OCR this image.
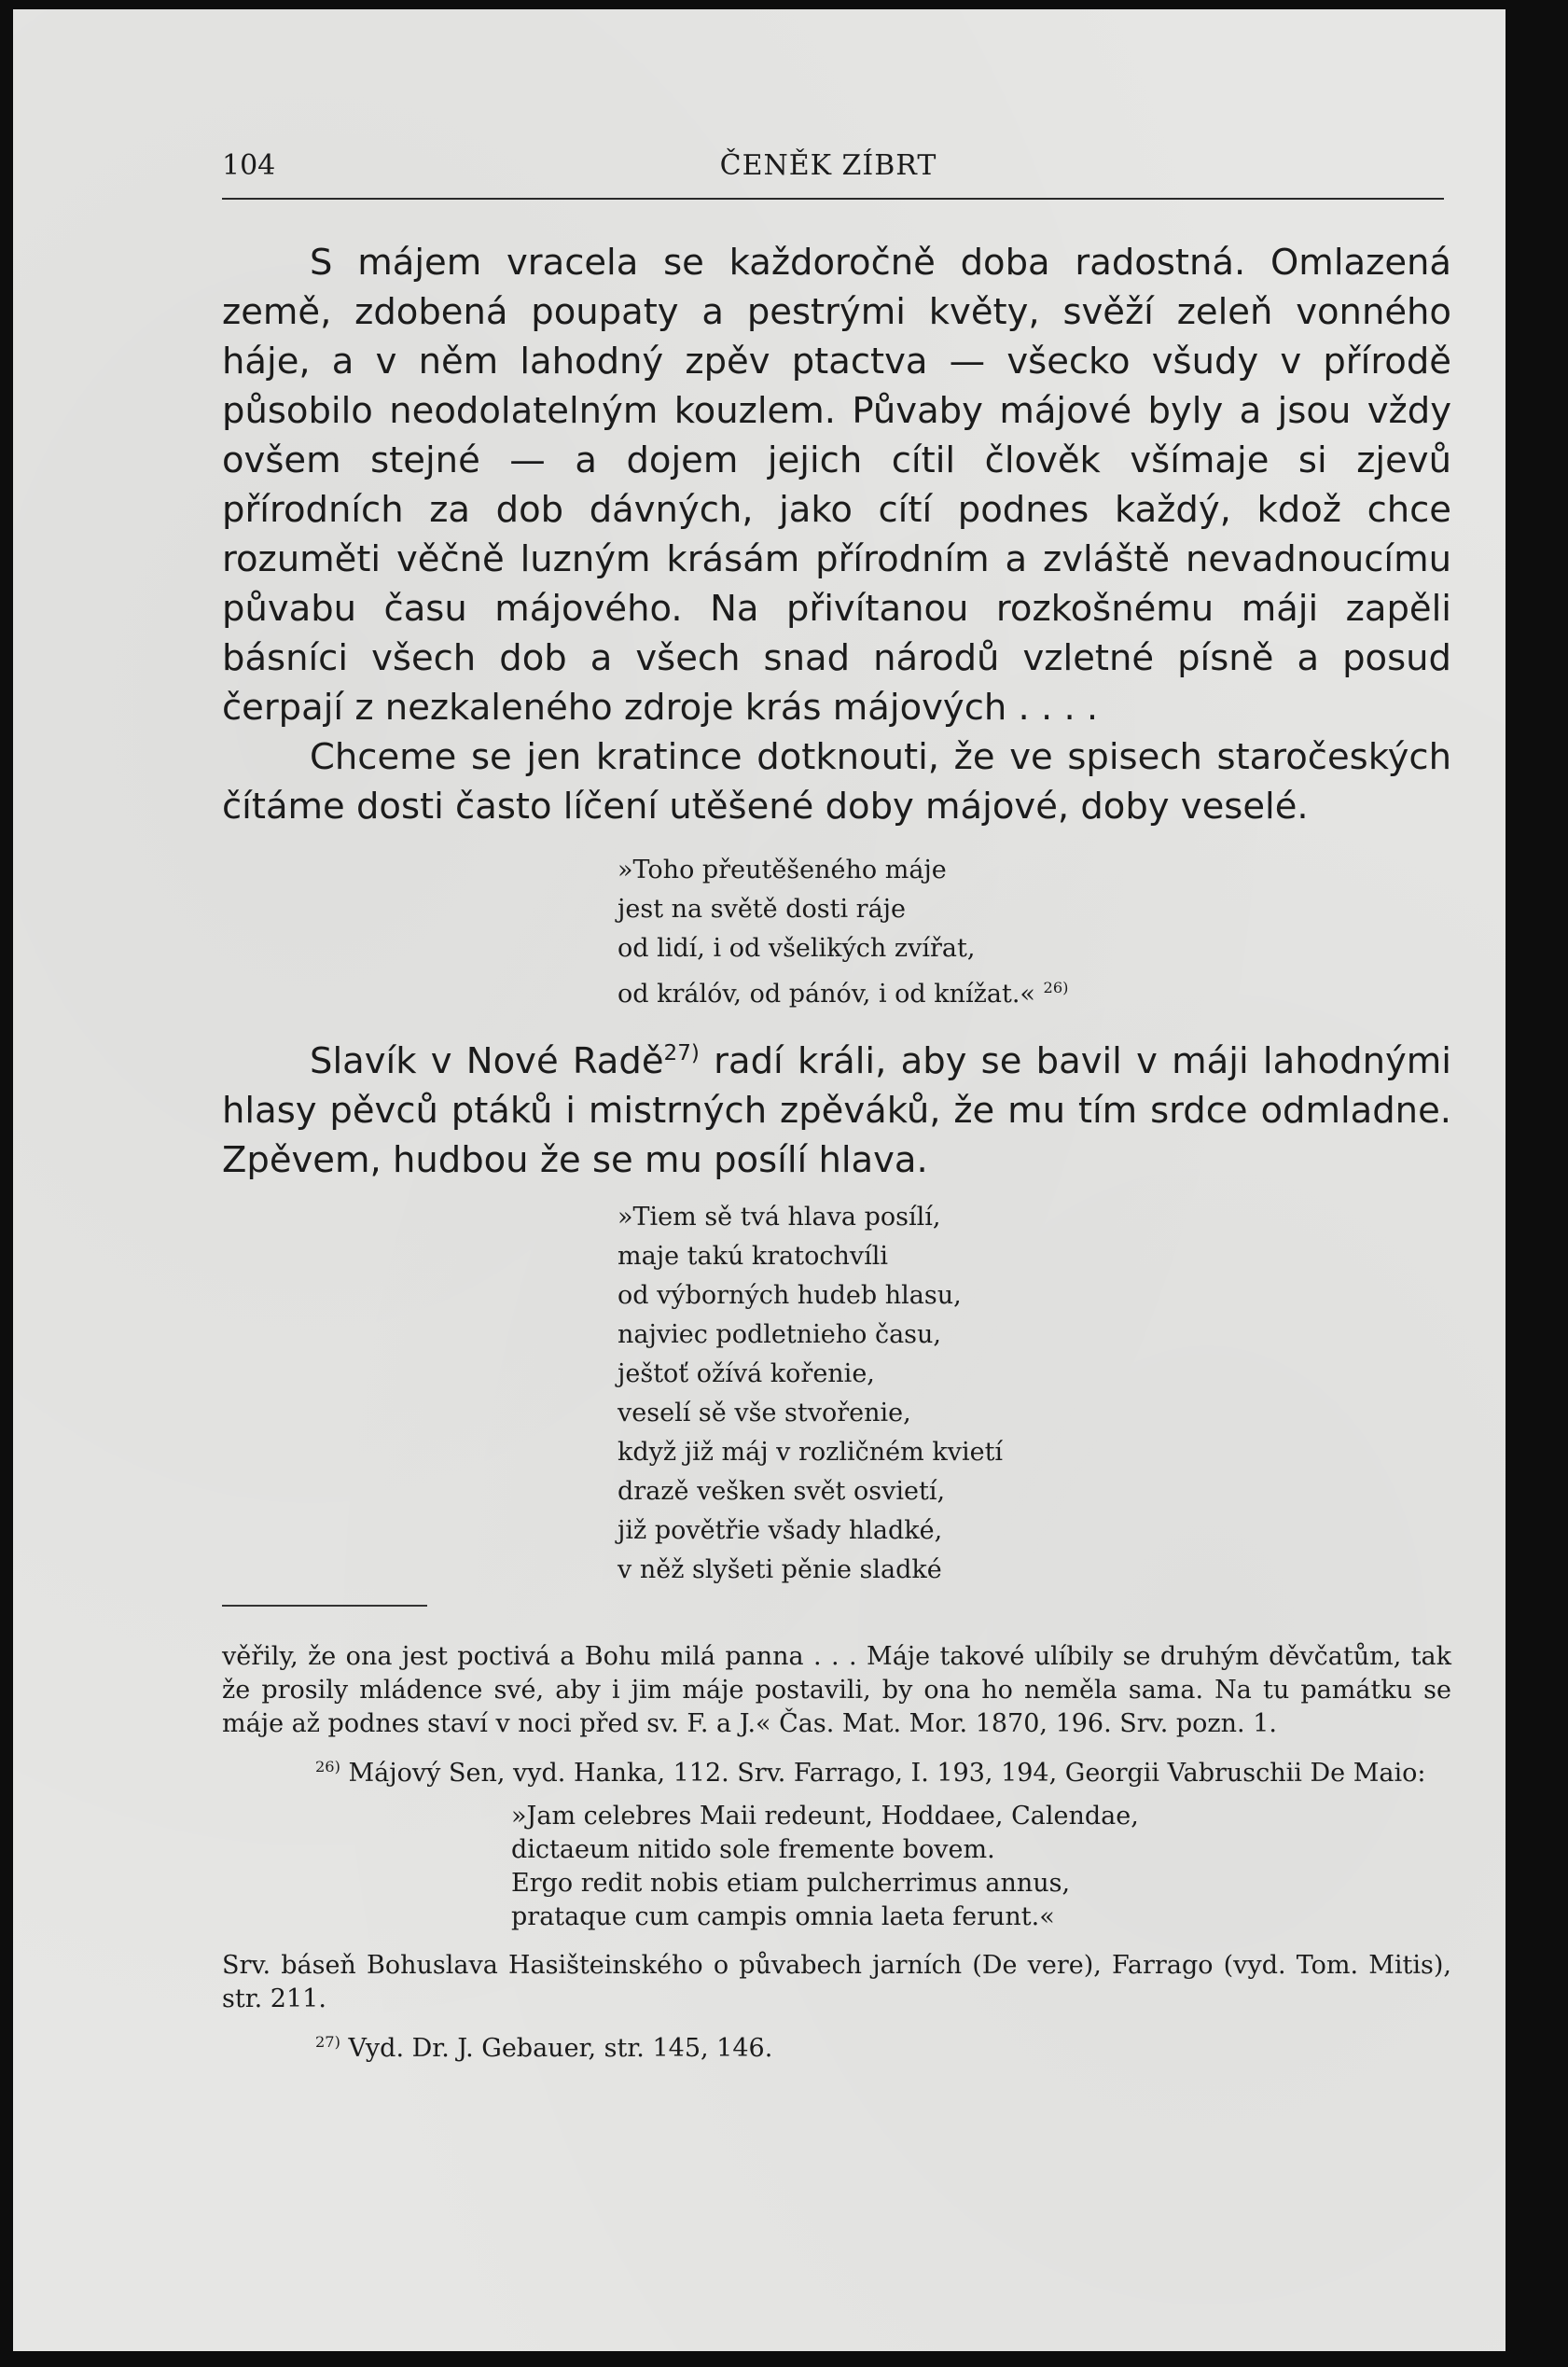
104	ČENĚK ZÍBRT

S májem vracela se každoročně doba radostná. Omlazená země, zdobená poupaty a pestrými květy, svěží zeleň vonného háje, a v něm lahodný zpěv ptactva — všecko všudy v přírodě působilo neodolatelným kouzlem. Půvaby májové byly a jsou vždy ovšem stejné — a dojem jejich cítil člověk všímaje si zjevů přírodních za dob dávných, jako cítí podnes každý, kdož chce rozuměti věčně luzným krásám přírodním a zvláště nevadnoucímu půvabu času májového. Na přivítanou rozkošnému máji zapěli básníci všech dob a všech snad národů vzletné písně a posud čerpají z nezkaleného zdroje krás májových . . . .

Chceme se jen kratince dotknouti, že ve spisech staročeských čítáme dosti často líčení utěšené doby májové, doby veselé.

»Toho přeutěšeného máje
jest na světě dosti ráje
od lidí, i od všelikých zvířat,
od králóv, od pánóv, i od knížat.« $^{26)}$

Slavík v Nové Radě$^{27)}$ radí králi, aby se bavil v máji lahodnými hlasy pěvců ptáků i mistrných zpěváků, že mu tím srdce odmladne. Zpěvem, hudbou že se mu posílí hlava.

»Tiem sě tvá hlava posílí,
maje takú kratochvíli
od výborných hudeb hlasu,
najviec podletnieho času,
ještoť ožívá kořenie,
veselí sě vše stvořenie,
když již máj v rozličném kvietí
drazě vešken svět osvietí,
již povětřie všady hladké,
v něž slyšeti pěnie sladké

věřily, že ona jest poctivá a Bohu milá panna . . . Máje takové ulíbily se druhým děvčatům, tak že prosily mládence své, aby i jim máje postavili, by ona ho neměla sama. Na tu památku se máje až podnes staví v noci před sv. F. a J.« Čas. Mat. Mor. 1870, 196. Srv. pozn. 1.

$^{26)}$ Májový Sen, vyd. Hanka, 112. Srv. Farrago, I. 193, 194, Georgii Vabruschii De Maio:

»Jam celebres Maii redeunt, Hoddaee, Calendae,
dictaeum nitido sole fremente bovem.
Ergo redit nobis etiam pulcherrimus annus,
prataque cum campis omnia laeta ferunt.«

Srv. báseň Bohuslava Hasišteinského o půvabech jarních (De vere), Farrago (vyd. Tom. Mitis), str. 211.

$^{27)}$ Vyd. Dr. J. Gebauer, str. 145, 146.
